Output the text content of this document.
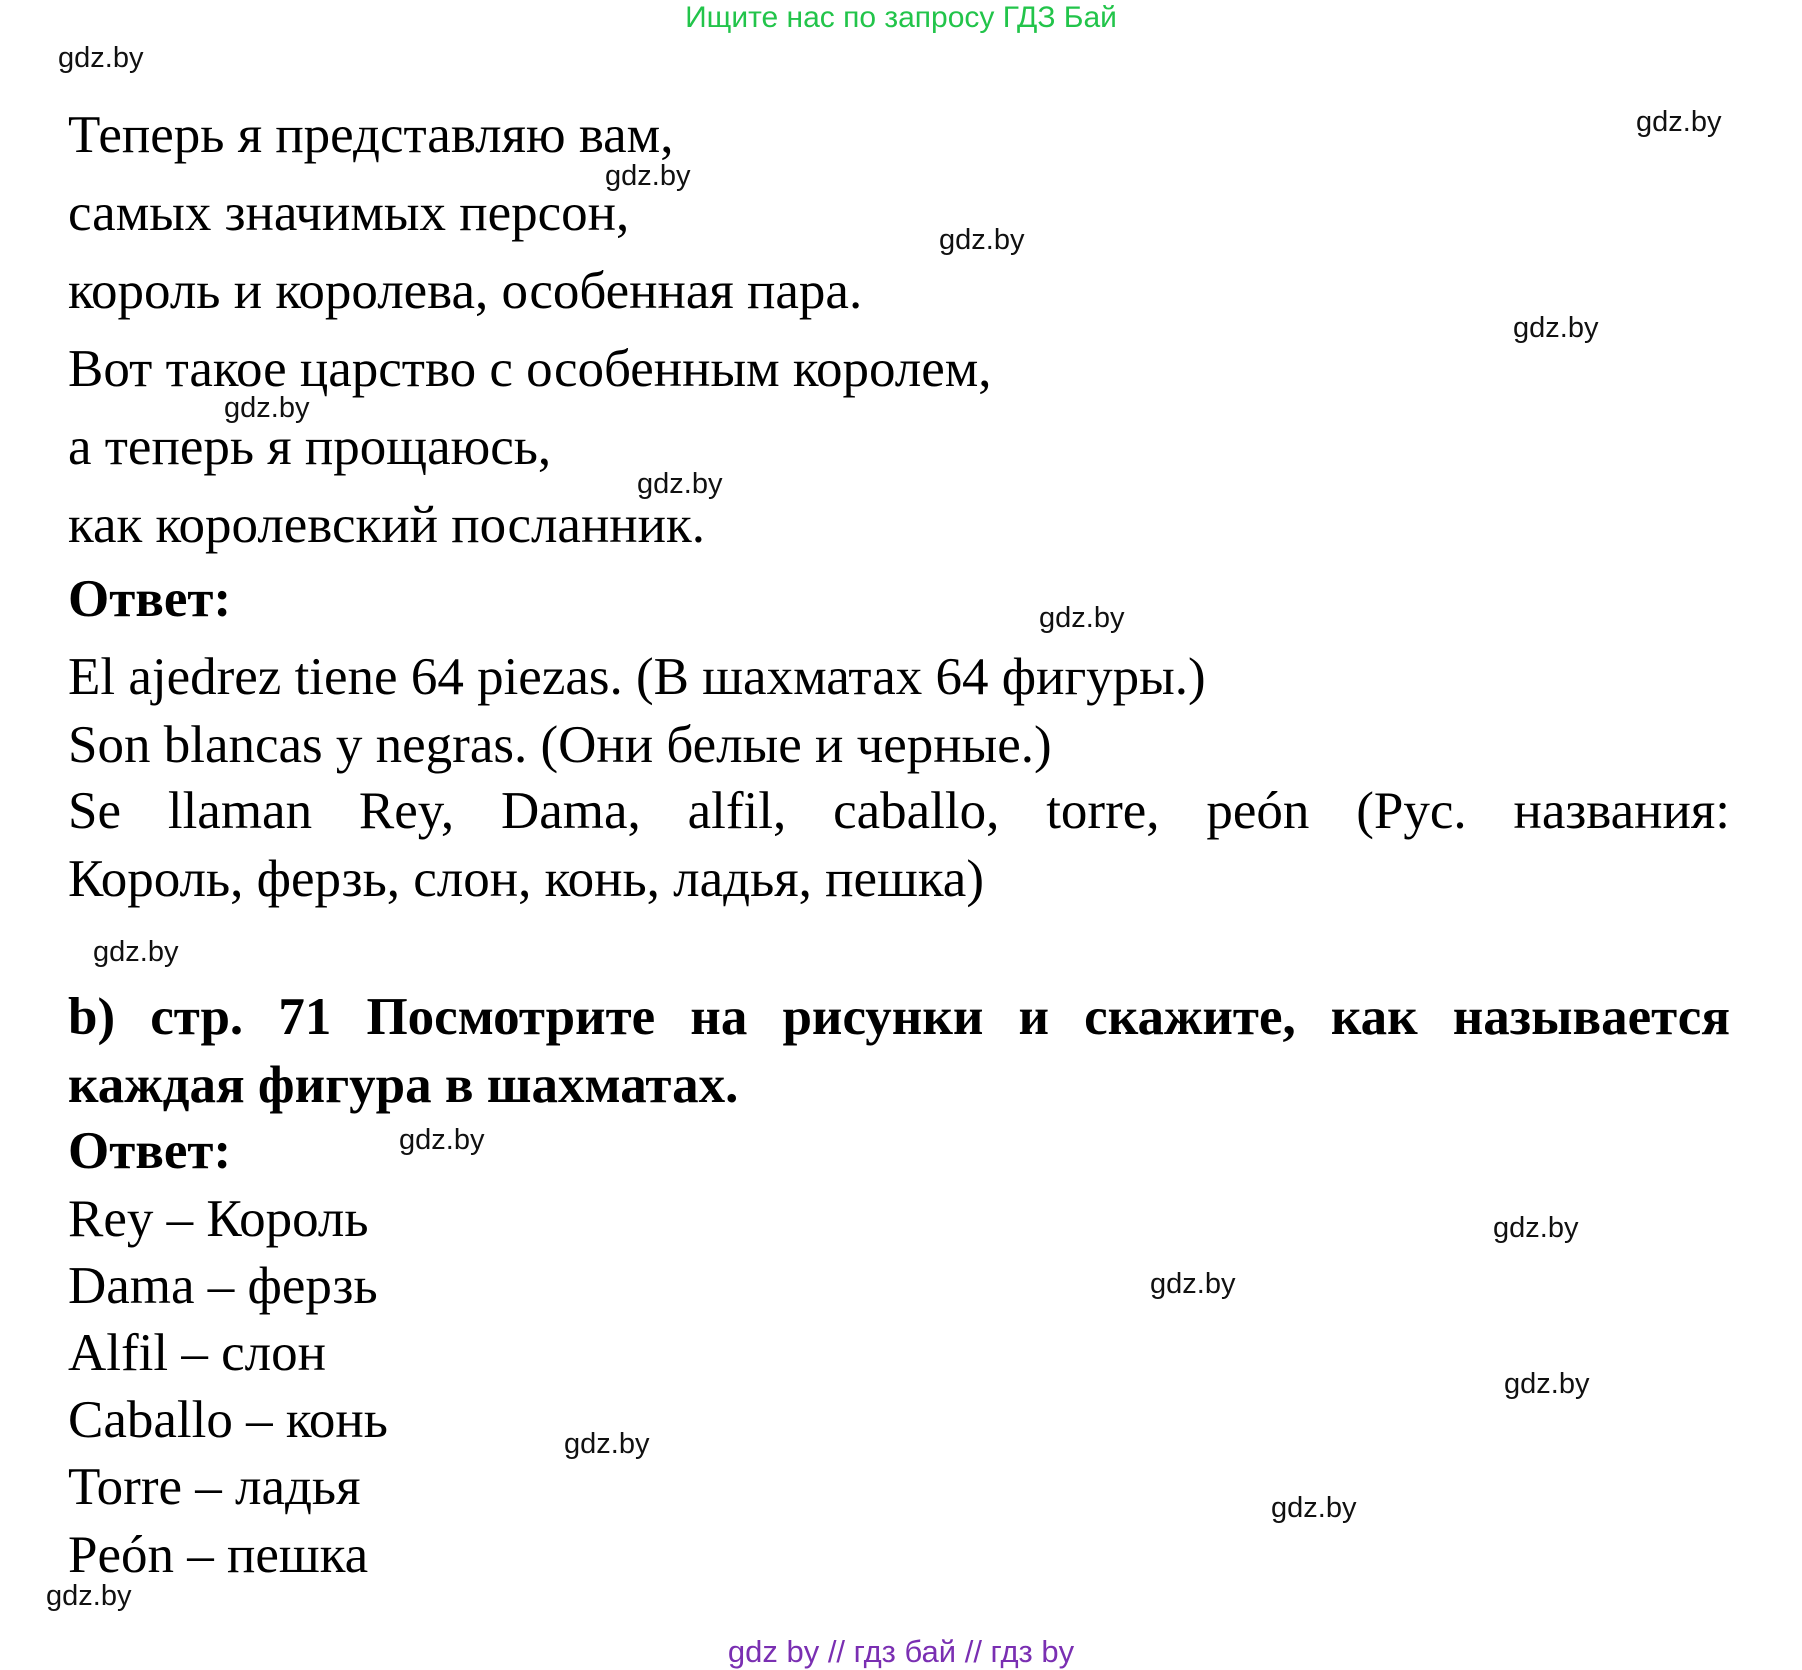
Ищите нас по запросу ГДЗ Бай
gdz.by
gdz.by
gdz.by
gdz.by
gdz.by
gdz.by
gdz.by
gdz.by
gdz.by
gdz.by
gdz.by
gdz.by
gdz.by
gdz.by
gdz.by
gdz.by
Теперь я представляю вам,
самых значимых персон,
король и королева, особенная пара.
Вот такое царство с особенным королем,
а теперь я прощаюсь,
как королевский посланник.
Ответ:
El ajedrez tiene 64 piezas. (В шахматах 64 фигуры.)
Son blancas y negras. (Они белые и черные.)
Se llaman Rey, Dama, alfil, caballo, torre, peón (Рус. названия:
Король, ферзь, слон, конь, ладья, пешка)
b) стр. 71 Посмотрите на рисунки и скажите, как называется
каждая фигура в шахматах.
Ответ:
Rey – Король
Dama – ферзь
Alfil – слон
Caballo – конь
Torre – ладья
Peón – пешка
gdz by // гдз бай // гдз by
